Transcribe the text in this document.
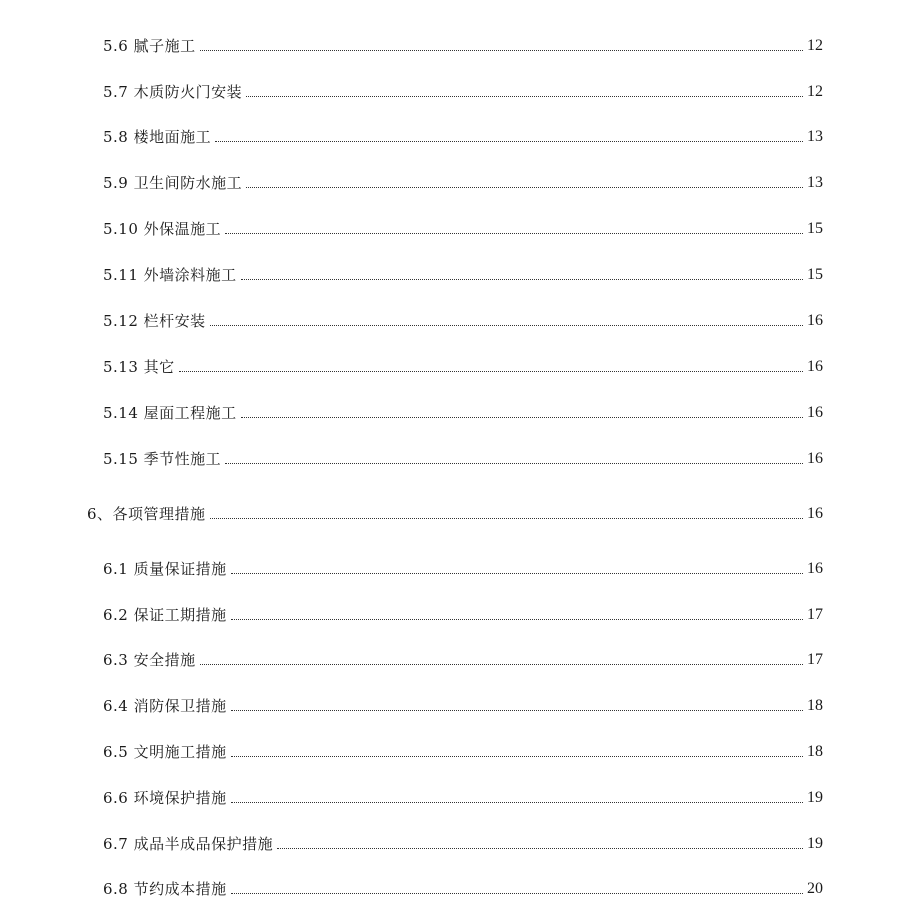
5.6 腻子施工	12
5.7 木质防火门安装	12
5.8 楼地面施工	13
5.9 卫生间防水施工	13
5.10 外保温施工	15
5.11 外墙涂料施工	15
5.12 栏杆安装	16
5.13 其它	16
5.14 屋面工程施工	16
5.15 季节性施工	16
6、各项管理措施	16
6.1 质量保证措施	16
6.2 保证工期措施	17
6.3 安全措施	17
6.4 消防保卫措施	18
6.5 文明施工措施	18
6.6 环境保护措施	19
6.7 成品半成品保护措施	19
6.8 节约成本措施	20
